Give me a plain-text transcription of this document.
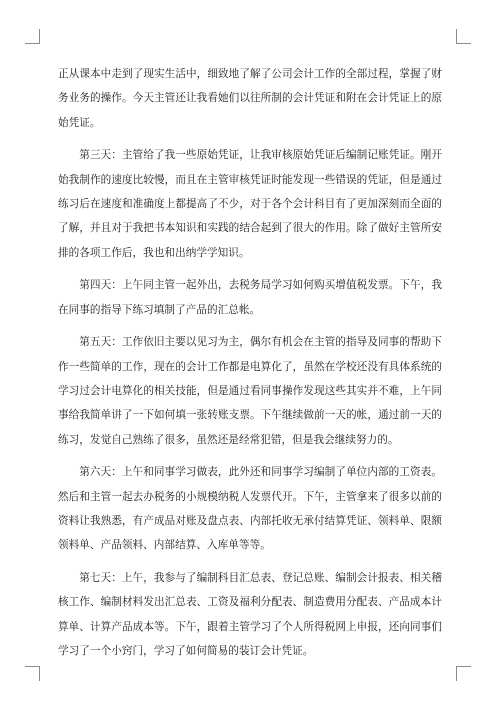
正从课本中走到了现实生活中，细致地了解了公司会计工作的全部过程，掌握了财务业务的操作。今天主管还让我看她们以往所制的会计凭证和附在会计凭证上的原始凭证。

第三天：主管给了我一些原始凭证，让我审核原始凭证后编制记账凭证。刚开始我制作的速度比较慢，而且在主管审核凭证时能发现一些错误的凭证，但是通过练习后在速度和准确度上都提高了不少，对于各个会计科目有了更加深刻而全面的了解，并且对于我把书本知识和实践的结合起到了很大的作用。除了做好主管所安排的各项工作后，我也和出纳学学知识。

第四天：上午同主管一起外出，去税务局学习如何购买增值税发票。下午，我在同事的指导下练习填制了产品的汇总帐。

第五天：工作依旧主要以见习为主，偶尔有机会在主管的指导及同事的帮助下作一些简单的工作，现在的会计工作都是电算化了，虽然在学校还没有具体系统的学习过会计电算化的相关技能，但是通过看同事操作发现这些其实并不难，上午同事给我简单讲了一下如何填一张转账支票。下午继续做前一天的帐，通过前一天的练习，发觉自己熟练了很多，虽然还是经常犯错，但是我会继续努力的。

第六天：上午和同事学习做表，此外还和同事学习编制了单位内部的工资表。然后和主管一起去办税务的小规模纳税人发票代开。下午，主管拿来了很多以前的资料让我熟悉，有产成品对账及盘点表、内部托收无承付结算凭证、领料单、限额领料单、产品领料、内部结算、入库单等等。

第七天：上午，我参与了编制科目汇总表、登记总账、编制会计报表、相关稽核工作、编制材料发出汇总表、工资及福利分配表、制造费用分配表、产品成本计算单、计算产品成本等。下午，跟着主管学习了个人所得税网上申报，还向同事们学习了一个小窍门，学习了如何简易的装订会计凭证。
